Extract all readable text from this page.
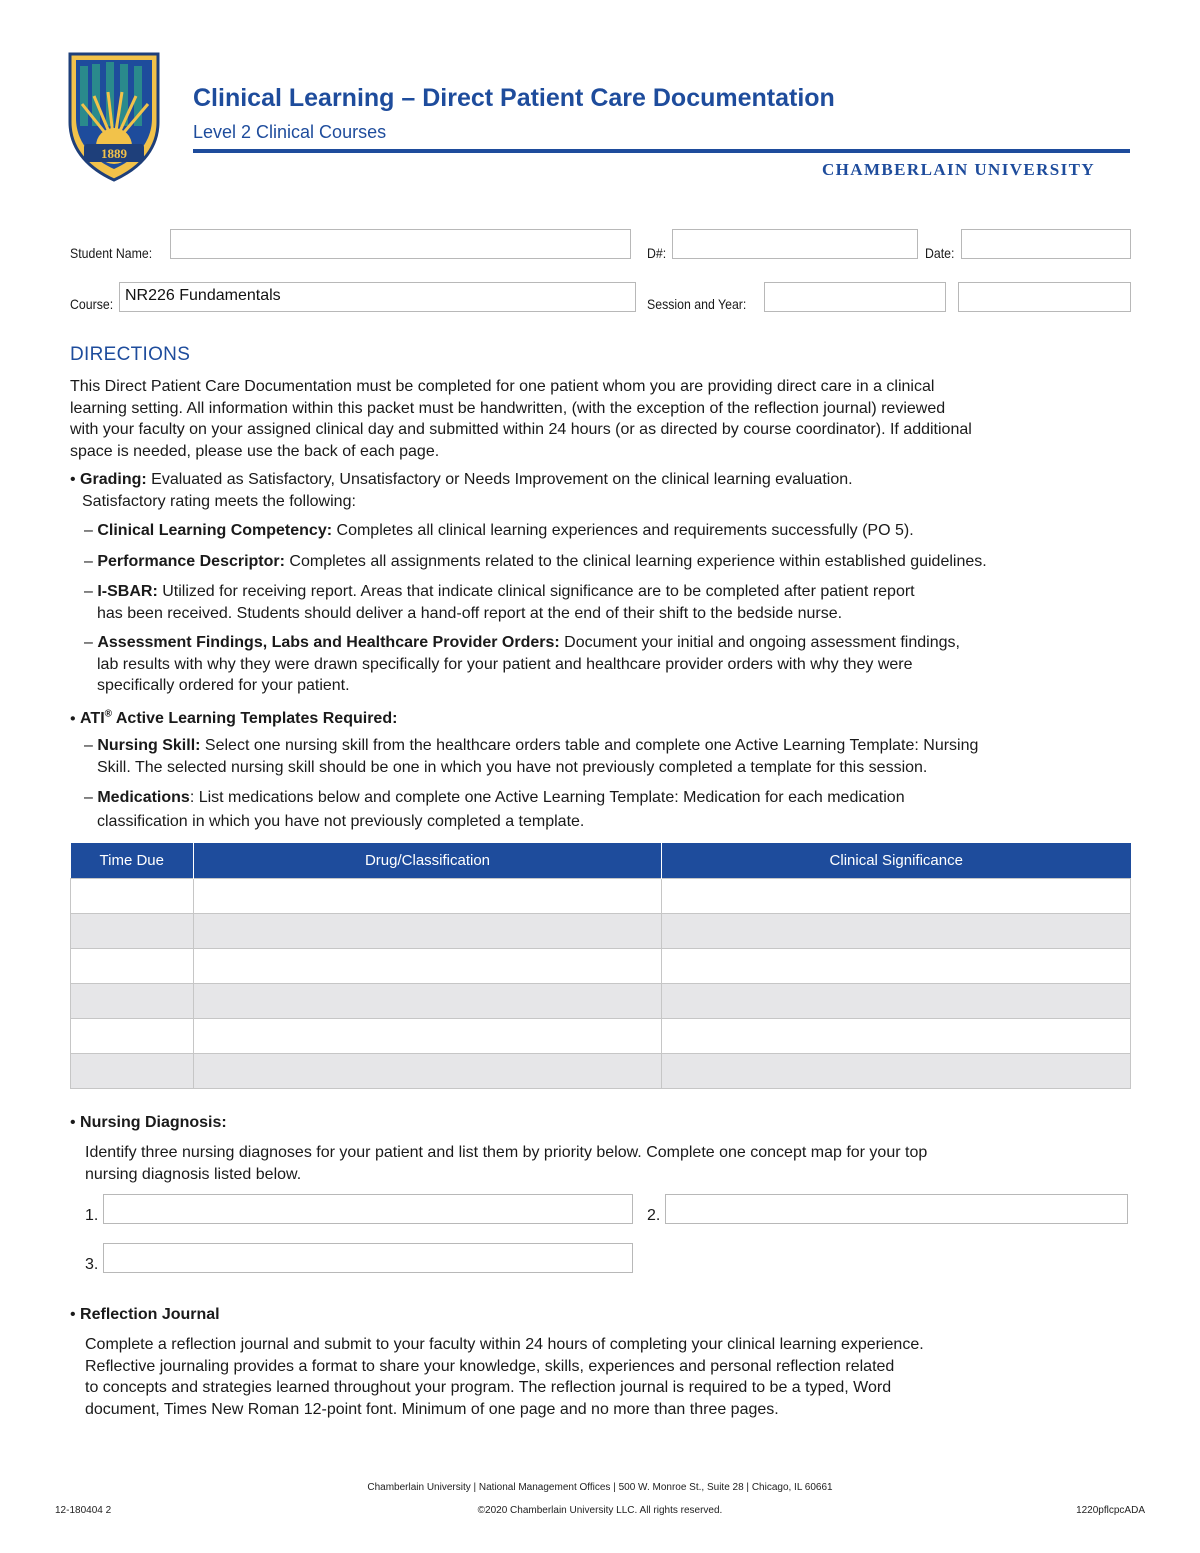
1889
Clinical Learning – Direct Patient Care Documentation
Level 2 Clinical Courses
CHAMBERLAIN UNIVERSITY
Student Name:	D#:	Date:
Course: NR226 Fundamentals	Session and Year:
DIRECTIONS
This Direct Patient Care Documentation must be completed for one patient whom you are providing direct care in a clinical
learning setting. All information within this packet must be handwritten, (with the exception of the reflection journal) reviewed
with your faculty on your assigned clinical day and submitted within 24 hours (or as directed by course coordinator). If additional
space is needed, please use the back of each page.
• Grading: Evaluated as Satisfactory, Unsatisfactory or Needs Improvement on the clinical learning evaluation.
Satisfactory rating meets the following:
– Clinical Learning Competency: Completes all clinical learning experiences and requirements successfully (PO 5).
– Performance Descriptor: Completes all assignments related to the clinical learning experience within established guidelines.
– I-SBAR: Utilized for receiving report. Areas that indicate clinical significance are to be completed after patient report
has been received. Students should deliver a hand-off report at the end of their shift to the bedside nurse.
– Assessment Findings, Labs and Healthcare Provider Orders: Document your initial and ongoing assessment findings,
lab results with why they were drawn specifically for your patient and healthcare provider orders with why they were
specifically ordered for your patient.
• ATI® Active Learning Templates Required:
– Nursing Skill: Select one nursing skill from the healthcare orders table and complete one Active Learning Template: Nursing
Skill. The selected nursing skill should be one in which you have not previously completed a template for this session.
– Medications: List medications below and complete one Active Learning Template: Medication for each medication
classification in which you have not previously completed a template.
Time Due	Drug/Classification	Clinical Significance

• Nursing Diagnosis:
Identify three nursing diagnoses for your patient and list them by priority below. Complete one concept map for your top
nursing diagnosis listed below.
1.	2.
3.
• Reflection Journal
Complete a reflection journal and submit to your faculty within 24 hours of completing your clinical learning experience.
Reflective journaling provides a format to share your knowledge, skills, experiences and personal reflection related
to concepts and strategies learned throughout your program. The reflection journal is required to be a typed, Word
document, Times New Roman 12-point font. Minimum of one page and no more than three pages.
Chamberlain University | National Management Offices | 500 W. Monroe St., Suite 28 | Chicago, IL 60661
12-180404 2	©2020 Chamberlain University LLC. All rights reserved.	1220pflcpcADA
